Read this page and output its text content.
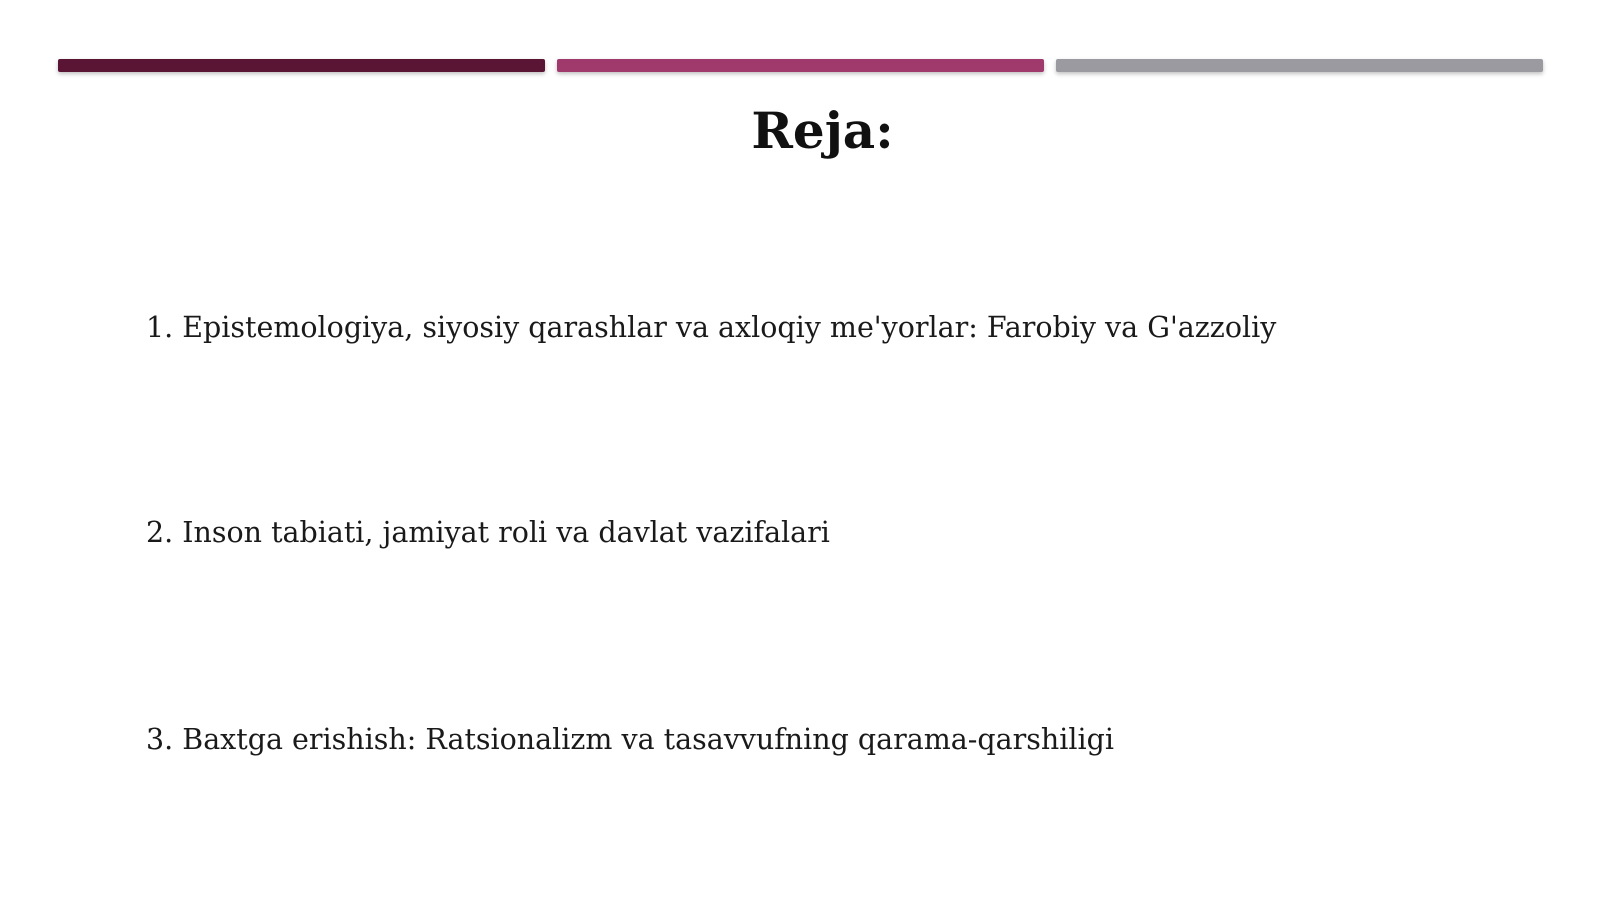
Reja:
1. Epistemologiya, siyosiy qarashlar va axloqiy me'yorlar: Farobiy va G'azzoliy
2. Inson tabiati, jamiyat roli va davlat vazifalari
3. Baxtga erishish: Ratsionalizm va tasavvufning qarama-qarshiligi
